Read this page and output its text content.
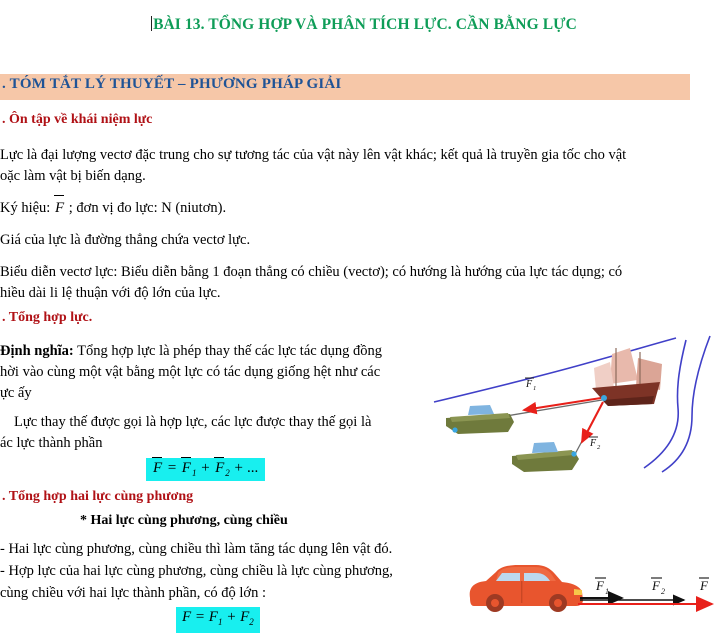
BÀI 13. TỔNG HỢP VÀ PHÂN TÍCH LỰC. CẦN BẰNG LỰC
. TÓM TẮT LÝ THUYẾT – PHƯƠNG PHÁP GIẢI
. Ôn tập về khái niệm lực
Lực là đại lượng vectơ đặc trung cho sự tương tác của vật này lên vật khác; kết quả là truyền gia tốc cho vật
oặc làm vật bị biến dạng.
Ký hiệu: F ; đơn vị đo lực: N (niutơn).
Giá của lực là đường thẳng chứa vectơ lực.
Biểu diễn vectơ lực: Biểu diễn bằng 1 đoạn thẳng có chiều (vectơ); có hướng là hướng của lực tác dụng; có
hiều dài li lệ thuận với độ lớn của lực.
. Tổng hợp lực.
Định nghĩa: Tổng hợp lực là phép thay thế các lực tác dụng đồng
hời vào cùng một vật bằng một lực có tác dụng giống hệt như các
ực ấy
Lực thay thế được gọi là hợp lực, các lực được thay thế gọi là
ác lực thành phần
$F = F_1 + F_2$ + ...
. Tổng hợp hai lực cùng phương
* Hai lực cùng phương, cùng chiều
- Hai lực cùng phương, cùng chiều thì làm tăng tác dụng lên vật đó.
- Hợp lực của hai lực cùng phương, cùng chiều là lực cùng phương,
cùng chiều với hai lực thành phần, có độ lớn :
$F = F_1 + F_2$
F 1
F 2
F 1	F 2	F
